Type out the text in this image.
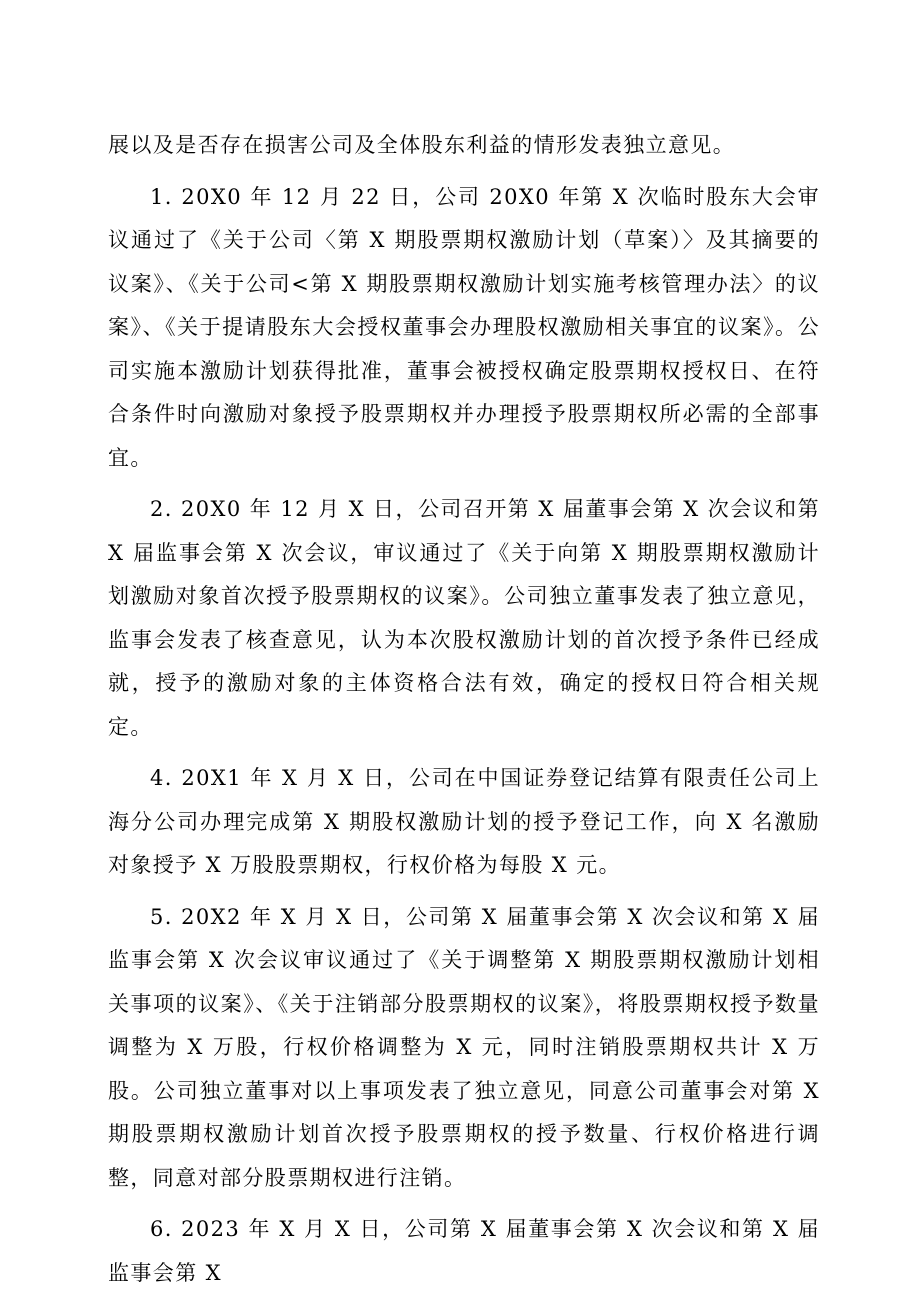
展以及是否存在损害公司及全体股东利益的情形发表独立意见。

1. 20X0 年 12 月 22 日，公司 20X0 年第 X 次临时股东大会审议通过了《关于公司〈第 X 期股票期权激励计划（草案）〉及其摘要的议案》、《关于公司<第 X 期股票期权激励计划实施考核管理办法〉的议案》、《关于提请股东大会授权董事会办理股权激励相关事宜的议案》。公司实施本激励计划获得批准，董事会被授权确定股票期权授权日、在符合条件时向激励对象授予股票期权并办理授予股票期权所必需的全部事宜。

2. 20X0 年 12 月 X 日，公司召开第 X 届董事会第 X 次会议和第 X 届监事会第 X 次会议，审议通过了《关于向第 X 期股票期权激励计划激励对象首次授予股票期权的议案》。公司独立董事发表了独立意见，监事会发表了核查意见，认为本次股权激励计划的首次授予条件已经成就，授予的激励对象的主体资格合法有效，确定的授权日符合相关规定。

4. 20X1 年 X 月 X 日，公司在中国证券登记结算有限责任公司上海分公司办理完成第 X 期股权激励计划的授予登记工作，向 X 名激励对象授予 X 万股股票期权，行权价格为每股 X 元。

5. 20X2 年 X 月 X 日，公司第 X 届董事会第 X 次会议和第 X 届监事会第 X 次会议审议通过了《关于调整第 X 期股票期权激励计划相关事项的议案》、《关于注销部分股票期权的议案》，将股票期权授予数量调整为 X 万股，行权价格调整为 X 元，同时注销股票期权共计 X 万股。公司独立董事对以上事项发表了独立意见，同意公司董事会对第 X 期股票期权激励计划首次授予股票期权的授予数量、行权价格进行调整，同意对部分股票期权进行注销。

6. 2023 年 X 月 X 日，公司第 X 届董事会第 X 次会议和第 X 届监事会第 X
